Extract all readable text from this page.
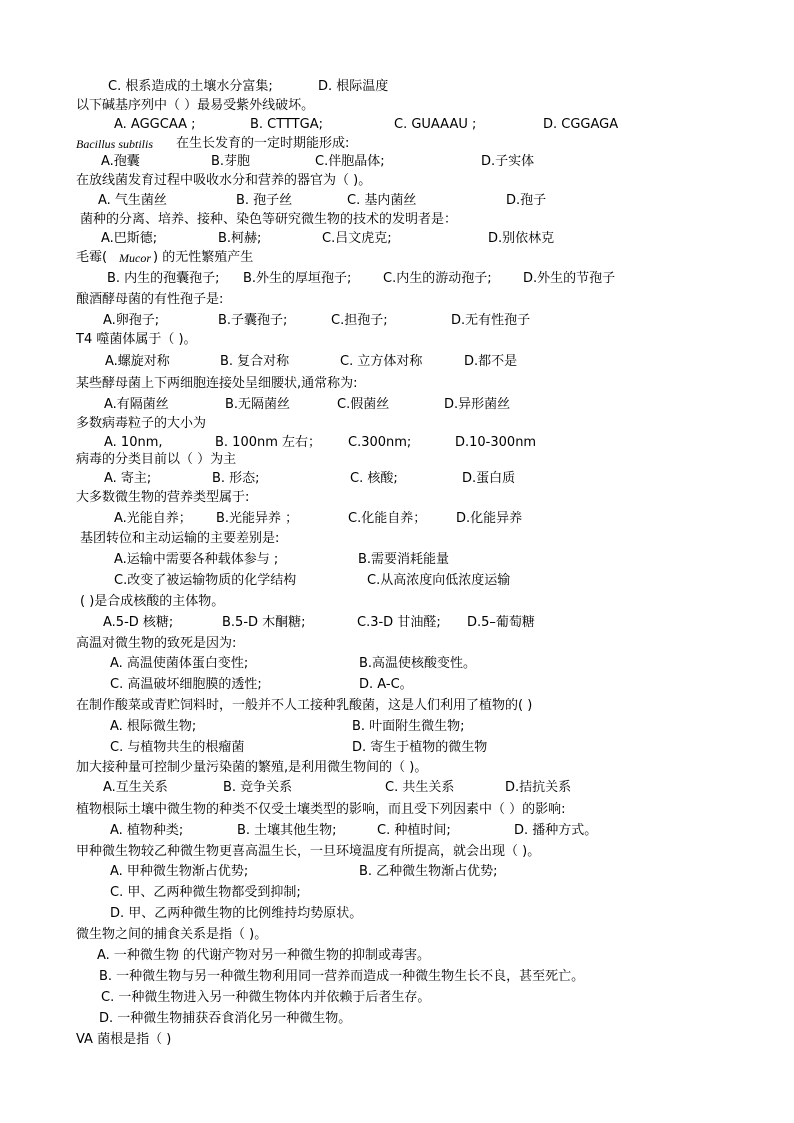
C. 根系造成的土壤水分富集;	D. 根际温度
以下碱基序列中（ ）最易受紫外线破坏。
A. AGGCAA ;	B. CTTTGA;	C. GUAAAU ;	D. CGGAGA
Bacillus subtilis 在生长发育的一定时期能形成:
A.孢囊	B.芽胞	C.伴胞晶体;	D.子实体
在放线菌发育过程中吸收水分和营养的器官为（ )。
A. 气生菌丝	B. 孢子丝	C. 基内菌丝	D.孢子
菌种的分离、培养、接种、染色等研究微生物的技术的发明者是：
A.巴斯德;	B.柯赫;	C.吕文虎克;	D.别依林克
毛霉( Mucor ) 的无性繁殖产生
B. 内生的孢囊孢子; B.外生的厚垣孢子; C.内生的游动孢子; D.外生的节孢子
酿酒酵母菌的有性孢子是:
A.卵孢子;	B.子囊孢子;	C.担孢子;	D.无有性孢子
T4 噬菌体属于（ )。
A.螺旋对称	B. 复合对称	C. 立方体对称	D.都不是
某些酵母菌上下两细胞连接处呈细腰状,通常称为:
A.有隔菌丝	B.无隔菌丝	C.假菌丝	D.异形菌丝
多数病毒粒子的大小为
A. 10nm,	B. 100nm 左右； C.300nm;	D.10-300nm
病毒的分类目前以（ ）为主
A. 寄主;	B. 形态;	C. 核酸;	D.蛋白质
大多数微生物的营养类型属于:
A.光能自养； B.光能异养 ；	C.化能自养； D.化能异养
基团转位和主动运输的主要差别是:
A.运输中需要各种载体参与 ;	B.需要消耗能量
C.改变了被运输物质的化学结构	C.从高浓度向低浓度运输
( )是合成核酸的主体物。
A.5-D 核糖;	B.5-D 木酮糖;	C.3-D 甘油醛; D.5–葡萄糖
高温对微生物的致死是因为:
A. 高温使菌体蛋白变性;	B.高温使核酸变性。
C. 高温破坏细胞膜的透性;	D. A-C。
在制作酸菜或青贮饲料时，一般并不人工接种乳酸菌，这是人们利用了植物的( )
A. 根际微生物;	B. 叶面附生微生物;
C. 与植物共生的根瘤菌	D. 寄生于植物的微生物
加大接种量可控制少量污染菌的繁殖,是利用微生物间的（ )。
A.互生关系	B. 竞争关系	C. 共生关系	D.拮抗关系
植物根际土壤中微生物的种类不仅受土壤类型的影响，而且受下列因素中（ ）的影响:
A. 植物种类;	B. 土壤其他生物;	C. 种植时间;	D. 播种方式。
甲种微生物较乙种微生物更喜高温生长，一旦环境温度有所提高，就会出现（ )。
A. 甲种微生物渐占优势;	B. 乙种微生物渐占优势;
C. 甲、乙两种微生物都受到抑制;
D. 甲、乙两种微生物的比例维持均势原状。
微生物之间的捕食关系是指（ )。
A. 一种微生物 的代谢产物对另一种微生物的抑制或毒害。
B. 一种微生物与另一种微生物利用同一营养而造成一种微生物生长不良，甚至死亡。
C. 一种微生物进入另一种微生物体内并依赖于后者生存。
D. 一种微生物捕获吞食消化另一种微生物。
VA 菌根是指（ )
